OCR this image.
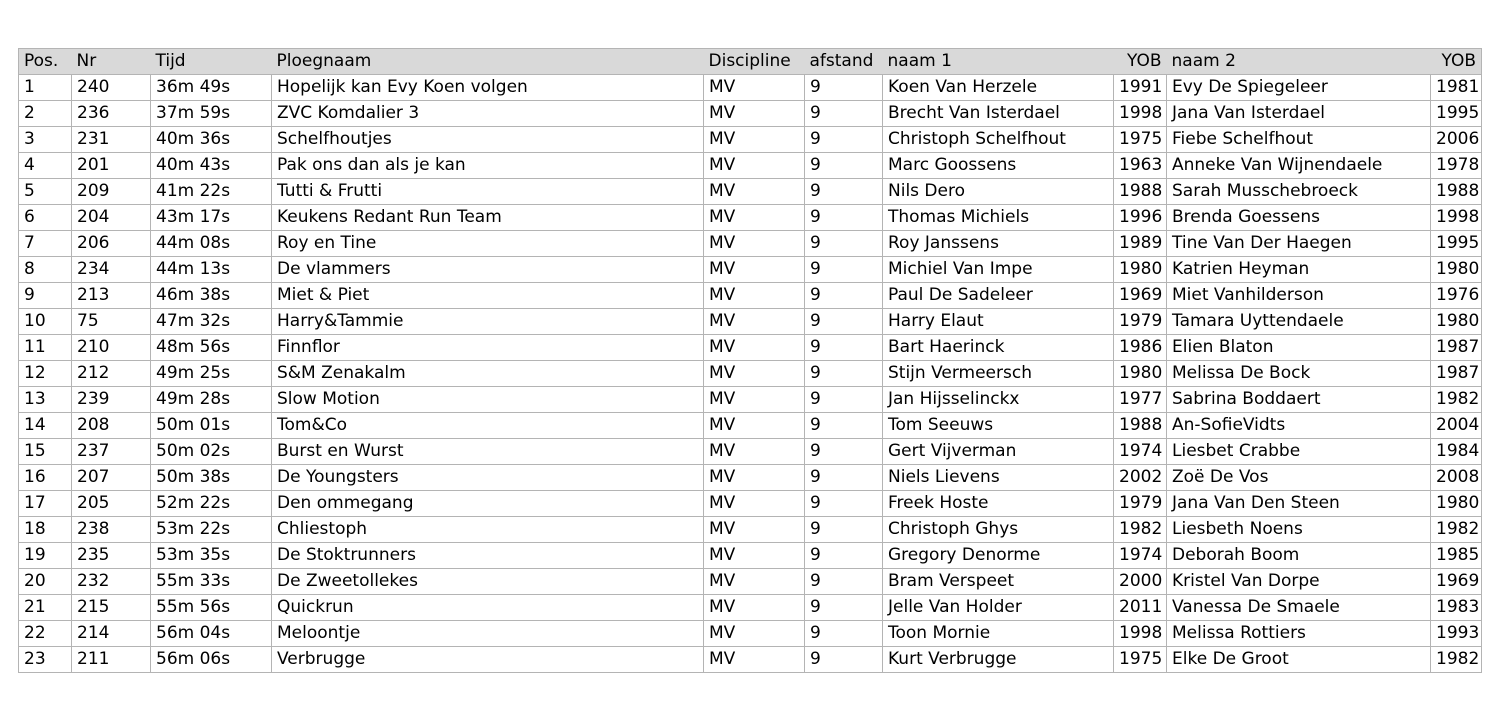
Pos.	Nr	Tijd	Ploegnaam	Discipline	afstand	naam 1	YOB	naam 2	YOB
1	240	36m 49s	Hopelijk kan Evy Koen volgen	MV	9	Koen Van Herzele	1991	Evy De Spiegeleer	1981
2	236	37m 59s	ZVC Komdalier 3	MV	9	Brecht Van Isterdael	1998	Jana Van Isterdael	1995
3	231	40m 36s	Schelfhoutjes	MV	9	Christoph Schelfhout	1975	Fiebe Schelfhout	2006
4	201	40m 43s	Pak ons dan als je kan	MV	9	Marc Goossens	1963	Anneke Van Wijnendaele	1978
5	209	41m 22s	Tutti & Frutti	MV	9	Nils Dero	1988	Sarah Musschebroeck	1988
6	204	43m 17s	Keukens Redant Run Team	MV	9	Thomas Michiels	1996	Brenda Goessens	1998
7	206	44m 08s	Roy en Tine	MV	9	Roy Janssens	1989	Tine Van Der Haegen	1995
8	234	44m 13s	De vlammers	MV	9	Michiel Van Impe	1980	Katrien Heyman	1980
9	213	46m 38s	Miet & Piet	MV	9	Paul De Sadeleer	1969	Miet Vanhilderson	1976
10	75	47m 32s	Harry&Tammie	MV	9	Harry Elaut	1979	Tamara Uyttendaele	1980
11	210	48m 56s	Finnflor	MV	9	Bart Haerinck	1986	Elien Blaton	1987
12	212	49m 25s	S&M Zenakalm	MV	9	Stijn Vermeersch	1980	Melissa De Bock	1987
13	239	49m 28s	Slow Motion	MV	9	Jan Hijsselinckx	1977	Sabrina Boddaert	1982
14	208	50m 01s	Tom&Co	MV	9	Tom Seeuws	1988	An-SofieVidts	2004
15	237	50m 02s	Burst en Wurst	MV	9	Gert Vijverman	1974	Liesbet Crabbe	1984
16	207	50m 38s	De Youngsters	MV	9	Niels Lievens	2002	Zoë De Vos	2008
17	205	52m 22s	Den ommegang	MV	9	Freek Hoste	1979	Jana Van Den Steen	1980
18	238	53m 22s	Chliestoph	MV	9	Christoph Ghys	1982	Liesbeth Noens	1982
19	235	53m 35s	De Stoktrunners	MV	9	Gregory Denorme	1974	Deborah Boom	1985
20	232	55m 33s	De Zweetollekes	MV	9	Bram Verspeet	2000	Kristel Van Dorpe	1969
21	215	55m 56s	Quickrun	MV	9	Jelle Van Holder	2011	Vanessa De Smaele	1983
22	214	56m 04s	Meloontje	MV	9	Toon Mornie	1998	Melissa Rottiers	1993
23	211	56m 06s	Verbrugge	MV	9	Kurt Verbrugge	1975	Elke De Groot	1982
